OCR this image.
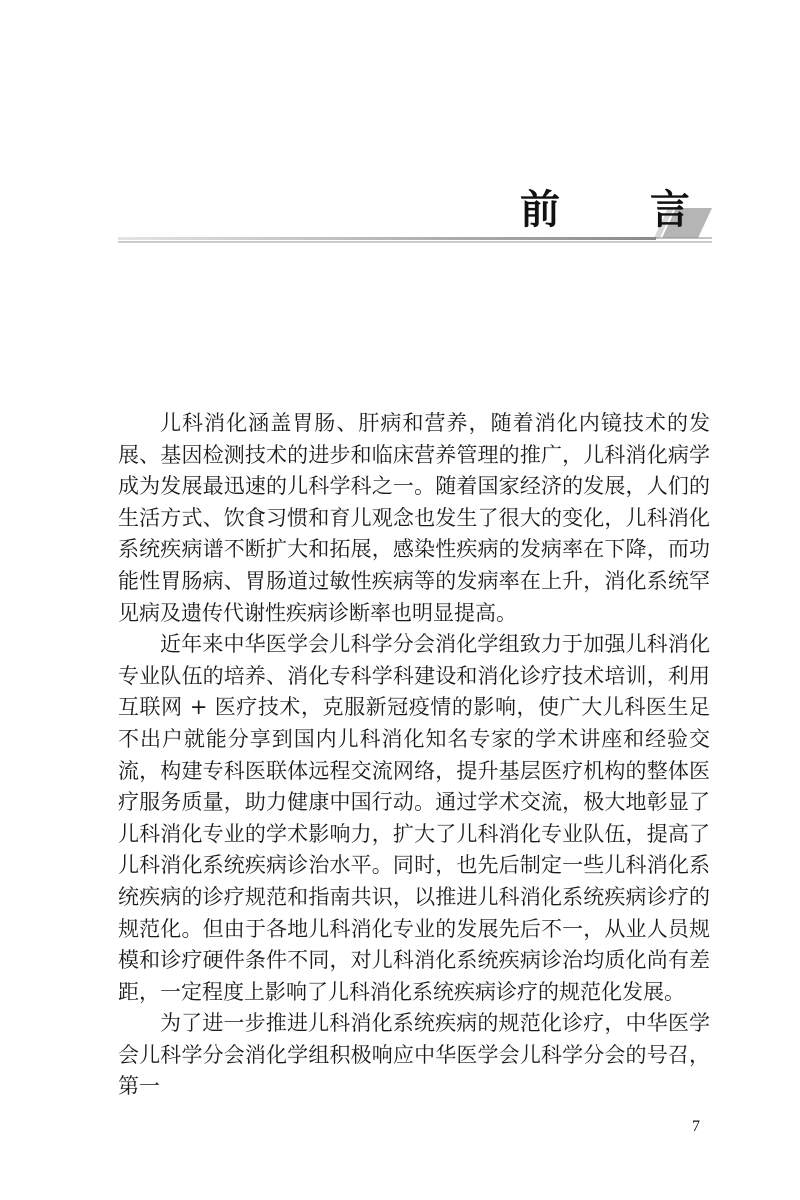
前 言

儿科消化涵盖胃肠、肝病和营养，随着消化内镜技术的发展、基因检测技术的进步和临床营养管理的推广，儿科消化病学成为发展最迅速的儿科学科之一。随着国家经济的发展，人们的生活方式、饮食习惯和育儿观念也发生了很大的变化，儿科消化系统疾病谱不断扩大和拓展，感染性疾病的发病率在下降，而功能性胃肠病、胃肠道过敏性疾病等的发病率在上升，消化系统罕见病及遗传代谢性疾病诊断率也明显提高。

近年来中华医学会儿科学分会消化学组致力于加强儿科消化专业队伍的培养、消化专科学科建设和消化诊疗技术培训，利用互联网 + 医疗技术，克服新冠疫情的影响，使广大儿科医生足不出户就能分享到国内儿科消化知名专家的学术讲座和经验交流，构建专科医联体远程交流网络，提升基层医疗机构的整体医疗服务质量，助力健康中国行动。通过学术交流，极大地彰显了儿科消化专业的学术影响力，扩大了儿科消化专业队伍，提高了儿科消化系统疾病诊治水平。同时，也先后制定一些儿科消化系统疾病的诊疗规范和指南共识，以推进儿科消化系统疾病诊疗的规范化。但由于各地儿科消化专业的发展先后不一，从业人员规模和诊疗硬件条件不同，对儿科消化系统疾病诊治均质化尚有差距，一定程度上影响了儿科消化系统疾病诊疗的规范化发展。

为了进一步推进儿科消化系统疾病的规范化诊疗，中华医学会儿科学分会消化学组积极响应中华医学会儿科学分会的号召，第一

7
